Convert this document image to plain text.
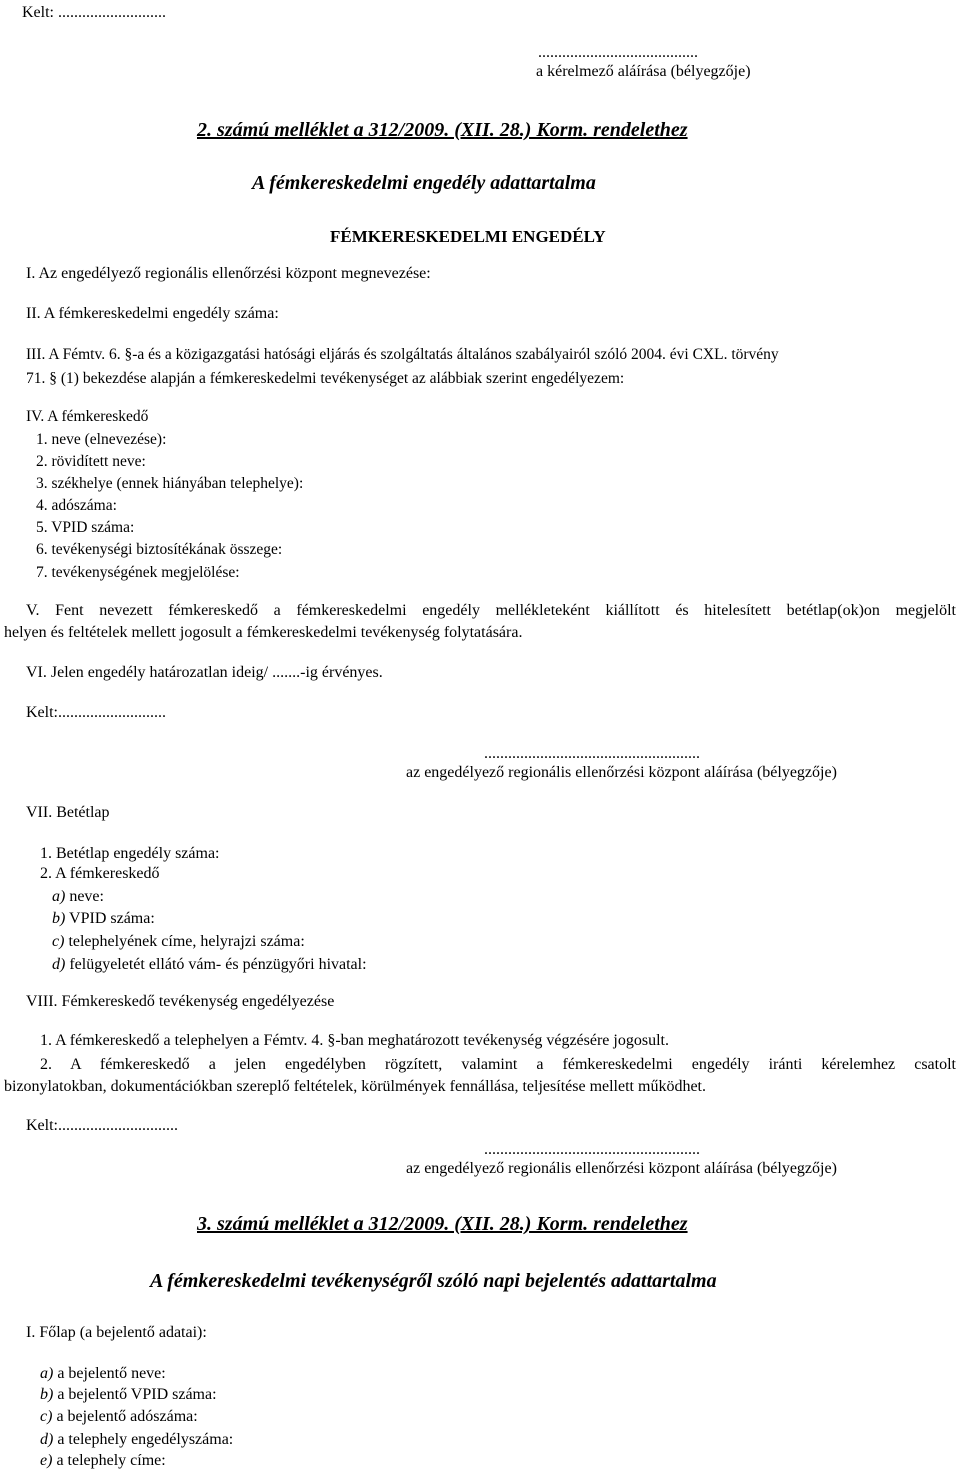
Kelt: ...........................
........................................
a kérelmező aláírása (bélyegzője)
2. számú melléklet a 312/2009. (XII. 28.) Korm. rendelethez
A fémkereskedelmi engedély adattartalma
FÉMKERESKEDELMI ENGEDÉLY
I. Az engedélyező regionális ellenőrzési központ megnevezése:
II. A fémkereskedelmi engedély száma:
III. A Fémtv. 6. §-a és a közigazgatási hatósági eljárás és szolgáltatás általános szabályairól szóló 2004. évi CXL. törvény
71. § (1) bekezdése alapján a fémkereskedelmi tevékenységet az alábbiak szerint engedélyezem:
IV. A fémkereskedő
1. neve (elnevezése):
2. rövidített neve:
3. székhelye (ennek hiányában telephelye):
4. adószáma:
5. VPID száma:
6. tevékenységi biztosítékának összege:
7. tevékenységének megjelölése:
V. Fent nevezett fémkereskedő a fémkereskedelmi engedély mellékleteként kiállított és hitelesített betétlap(ok)on megjelölt
helyen és feltételek mellett jogosult a fémkereskedelmi tevékenység folytatására.
VI. Jelen engedély határozatlan ideig/ .......-ig érvényes.
Kelt:...........................
......................................................
az engedélyező regionális ellenőrzési központ aláírása (bélyegzője)
VII. Betétlap
1. Betétlap engedély száma:
2. A fémkereskedő
a) neve:
b) VPID száma:
c) telephelyének címe, helyrajzi száma:
d) felügyeletét ellátó vám- és pénzügyőri hivatal:
VIII. Fémkereskedő tevékenység engedélyezése
1. A fémkereskedő a telephelyen a Fémtv. 4. §-ban meghatározott tevékenység végzésére jogosult.
2. A fémkereskedő a jelen engedélyben rögzített, valamint a fémkereskedelmi engedély iránti kérelemhez csatolt
bizonylatokban, dokumentációkban szereplő feltételek, körülmények fennállása, teljesítése mellett működhet.
Kelt:..............................
......................................................
az engedélyező regionális ellenőrzési központ aláírása (bélyegzője)
3. számú melléklet a 312/2009. (XII. 28.) Korm. rendelethez
A fémkereskedelmi tevékenységről szóló napi bejelentés adattartalma
I. Főlap (a bejelentő adatai):
a) a bejelentő neve:
b) a bejelentő VPID száma:
c) a bejelentő adószáma:
d) a telephely engedélyszáma:
e) a telephely címe:
